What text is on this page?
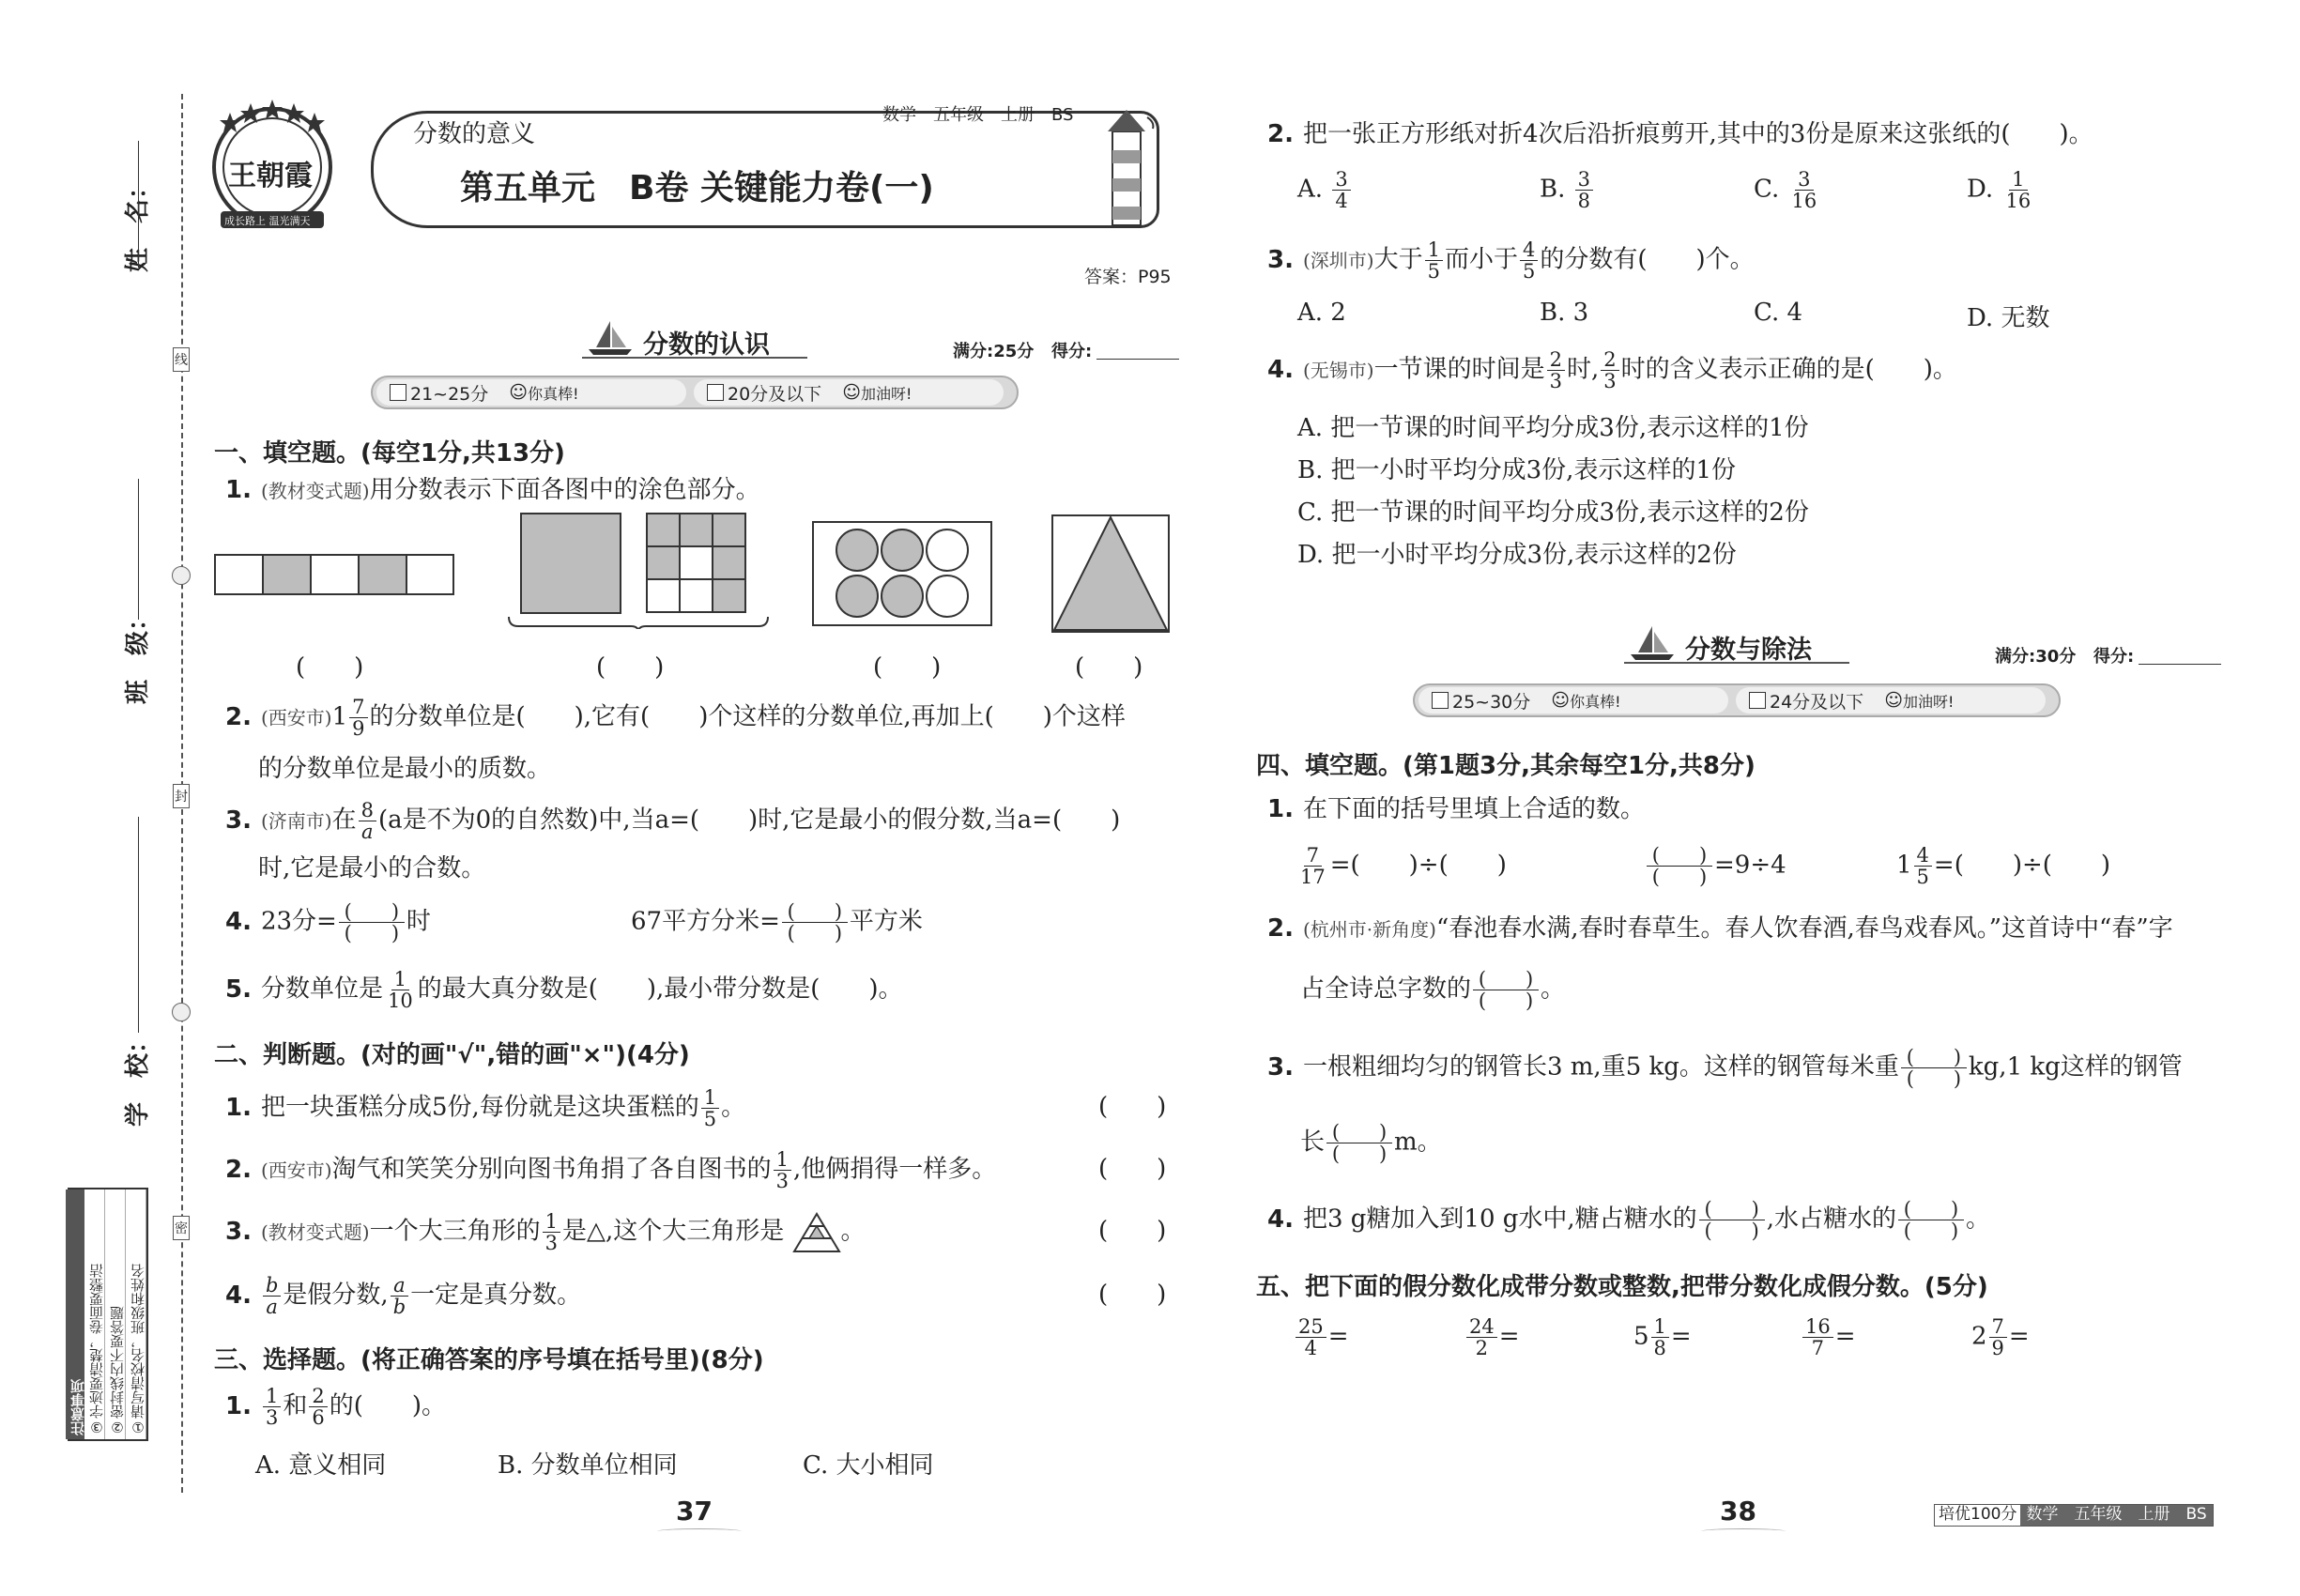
姓　名：
班　级：
学　校：
线
封
密
①请写清校名，班级和姓名
②密封线内不要答题
③字迹要清楚，卷面要整洁
注意事项
王朝霞
成长路上 温光满天
分数的意义
数学　五年级　上册　BS
第五单元　B卷 关键能力卷(一)
答案：P95
分数的认识	满分:25分 得分:
21~25分 ☺ 你真棒!	20分及以下 ☺ 加油呀!
一、填空题。(每空1分,共13分)
1. (教材变式题)用分数表示下面各图中的涂色部分。
(　　)	(　　)	(　　)	(　　)
2. (西安市)$1 \frac{7}{9}$ 的分数单位是(　　),它有(　　)个这样的分数单位,再加上(　　)个这样
的分数单位是最小的质数。
3. (济南市)在 $\frac{8}{a} (a$是不为0的自然数)中,当a=(　　)时,它是最小的假分数,当a=(　　)
时,它是最小的合数。
4. 23分= $\frac{( )}{( )}$ 时	67平方分米= $\frac{( )}{( )}$ 平方米
5. 分数单位是 $\frac{1}{10}$ 的最大真分数是(　　),最小带分数是(　　)。
二、判断题。(对的画"√",错的画"×")(4分)
1. 把一块蛋糕分成5份,每份就是这块蛋糕的 $\frac{1}{5}$ 。	(　　)
2. (西安市)淘气和笑笑分别向图书角捐了各自图书的 $\frac{1}{3}$ ,他俩捐得一样多。	(　　)
3. (教材变式题)一个大三角形的 $\frac{1}{3}$ 是△,这个大三角形是 。	(　　)
4. $\frac{b}{a}$ 是假分数, $\frac{a}{b}$ 一定是真分数。	(　　)
三、选择题。(将正确答案的序号填在括号里)(8分)
1. $\frac{1}{3}$ 和 $\frac{2}{6}$ 的(　　)。
A. 意义相同	B. 分数单位相同	C. 大小相同
37
2. 把一张正方形纸对折4次后沿折痕剪开,其中的3份是原来这张纸的(　　)。
A. $\frac{3}{4}$	B. $\frac{3}{8}$	C. $\frac{3}{16}$	D. $\frac{1}{16}$
3. (深圳市)大于 $\frac{1}{5}$ 而小于 $\frac{4}{5}$ 的分数有(　　)个。
A. 2	B. 3	C. 4	D. 无数
4. (无锡市)一节课的时间是 $\frac{2}{3}$ 时, $\frac{2}{3}$ 时的含义表示正确的是(　　)。
A. 把一节课的时间平均分成3份,表示这样的1份
B. 把一小时平均分成3份,表示这样的1份
C. 把一节课的时间平均分成3份,表示这样的2份
D. 把一小时平均分成3份,表示这样的2份
分数与除法	满分:30分 得分:
25~30分 ☺ 你真棒!	24分及以下 ☺ 加油呀!
四、填空题。(第1题3分,其余每空1分,共8分)
1. 在下面的括号里填上合适的数。
$\frac{7}{17}$ =(　　)÷(　　)	$\frac{( )}{( )} =9\div 4$	$1 \frac{4}{5}$ =(　　)÷(　　)
2. (杭州市·新角度)“春池春水满,春时春草生。春人饮春酒,春鸟戏春风。”这首诗中“春”字
占全诗总字数的 $\frac{( )}{( )}$ 。
3. 一根粗细均匀的钢管长3 m,重5 kg。这样的钢管每米重 $\frac{( )}{( )} kg,1$ kg这样的钢管
长 $\frac{( )}{( )}$ m。
4. 把3 g糖加入到10 g水中,糖占糖水的 $\frac{( )}{( )}$ ,水占糖水的 $\frac{( )}{( )}$ 。
五、把下面的假分数化成带分数或整数,把带分数化成假分数。(5分)
$\frac{25}{4}$ =	$\frac{24}{2}$ =	$5 \frac{1}{8}$ =	$\frac{16}{7}$ =	$2 \frac{7}{9}$ =
38	培优100分 数学　五年级　上册　BS
